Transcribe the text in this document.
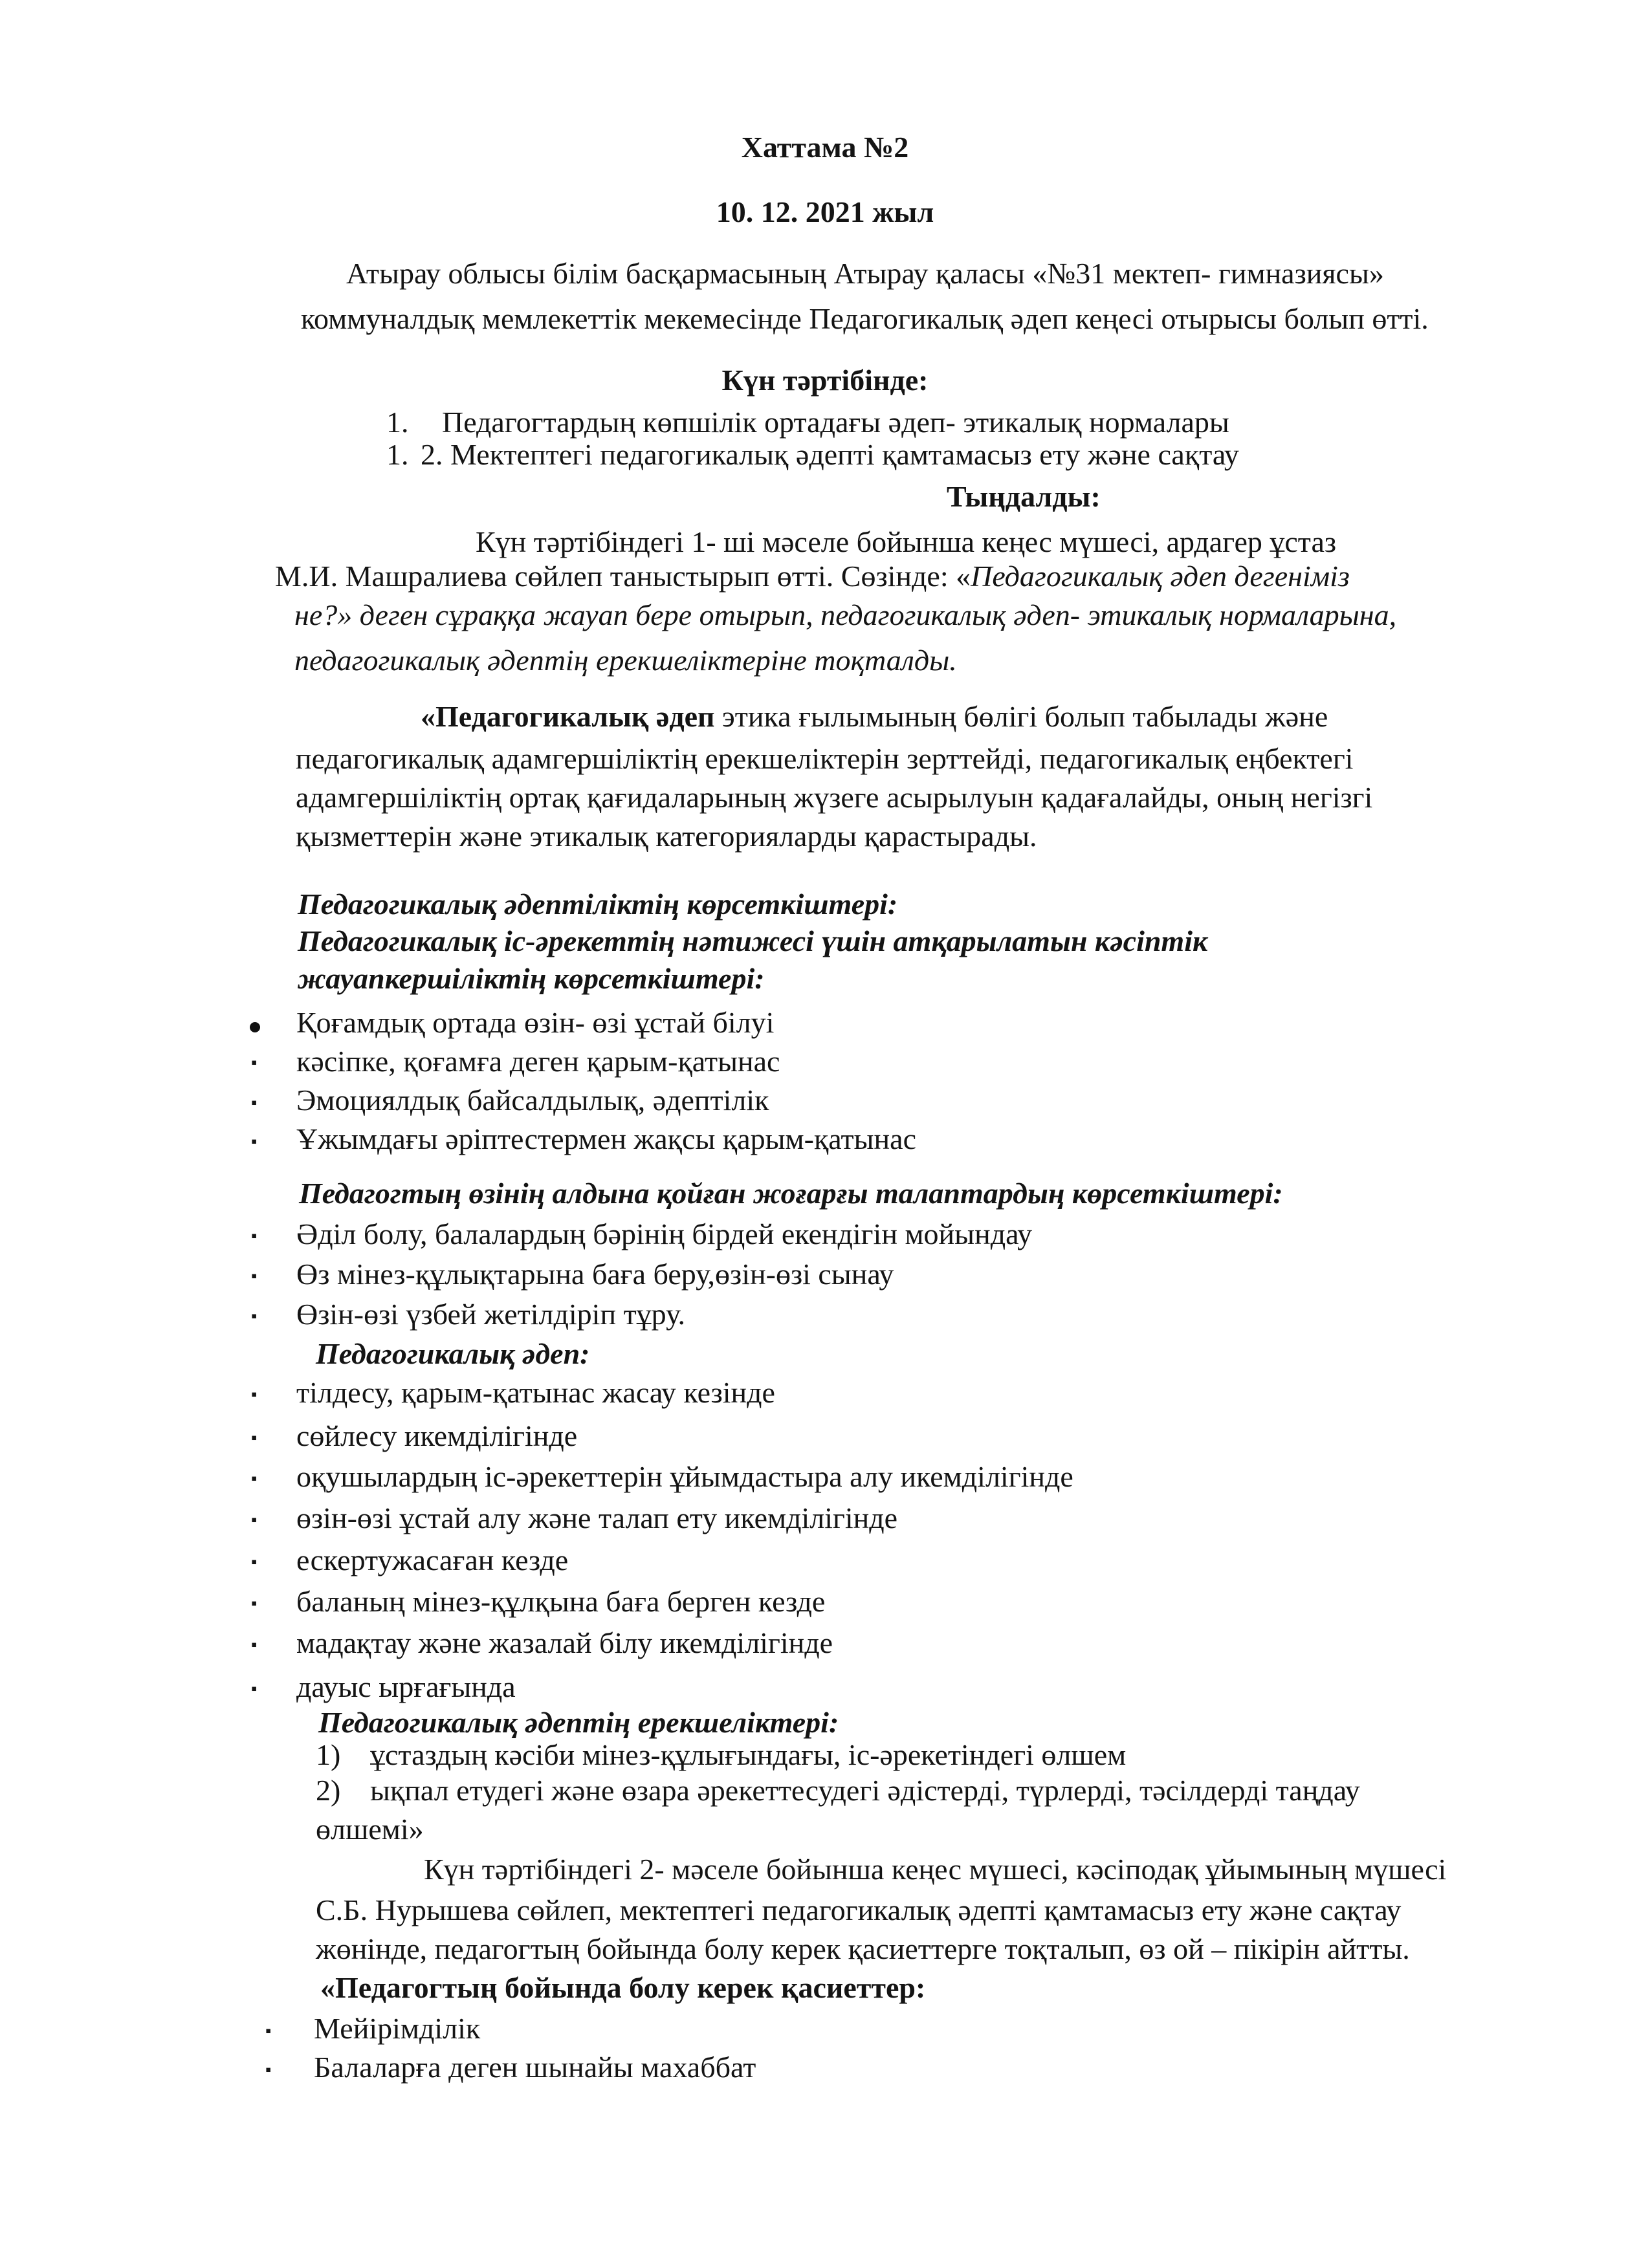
Хаттама №2
10. 12. 2021 жыл
Атырау облысы білім басқармасының Атырау қаласы «№31 мектеп- гимназиясы»
коммуналдық мемлекеттік мекемесінде Педагогикалық әдеп кеңесі отырысы болып өтті.
Күн тәртібінде:
1. Педагогтардың көпшілік ортадағы әдеп- этикалық нормалары
1. 2. Мектептегі педагогикалық әдепті қамтамасыз ету және сақтау
Тыңдалды:
Күн тәртібіндегі 1- ші мәселе бойынша кеңес мүшесі, ардагер ұстаз
М.И. Машралиева сөйлеп таныстырып өтті. Сөзінде: «Педагогикалық әдеп дегеніміз
не?» деген сұраққа жауап бере отырып, педагогикалық әдеп- этикалық нормаларына,
педагогикалық әдептің ерекшеліктеріне тоқталды.
«Педагогикалық әдеп этика ғылымының бөлігі болып табылады және
педагогикалық адамгершіліктің ерекшеліктерін зерттейді, педагогикалық еңбектегі
адамгершіліктің ортақ қағидаларының жүзеге асырылуын қадағалайды, оның негізгі
қызметтерін және этикалық категорияларды қарастырады.
Педагогикалық әдептіліктің көрсеткіштері:
Педагогикалық іс-әрекеттің нәтижесі үшін атқарылатын кәсіптік
жауапкершіліктің көрсеткіштері:
Қоғамдық ортада өзін- өзі ұстай білуі
▪ кәсіпке, қоғамға деген қарым-қатынас
▪ Эмоциялдық байсалдылық, әдептілік
▪ Ұжымдағы әріптестермен жақсы қарым-қатынас
Педагогтың өзінің алдына қойған жоғарғы талаптардың көрсеткіштері:
▪ Әділ болу, балалардың бәрінің бірдей екендігін мойындау
▪ Өз мінез-құлықтарына баға беру,өзін-өзі сынау
▪ Өзін-өзі үзбей жетілдіріп тұру.
Педагогикалық әдеп:
▪ тілдесу, қарым-қатынас жасау кезінде
▪ сөйлесу икемділігінде
▪ оқушылардың іс-әрекеттерін ұйымдастыра алу икемділігінде
▪ өзін-өзі ұстай алу және талап ету икемділігінде
▪ ескертужасаған кезде
▪ баланың мінез-құлқына баға берген кезде
▪ мадақтау және жазалай білу икемділігінде
▪ дауыс ырғағында
Педагогикалық әдептің ерекшеліктері:
1) ұстаздың кәсіби мінез-құлығындағы, іс-әрекетіндегі өлшем
2) ықпал етудегі және өзара әрекеттесудегі әдістерді, түрлерді, тәсілдерді таңдау
өлшемі»
Күн тәртібіндегі 2- мәселе бойынша кеңес мүшесі, кәсіподақ ұйымының мүшесі
С.Б. Нурышева сөйлеп, мектептегі педагогикалық әдепті қамтамасыз ету және сақтау
жөнінде, педагогтың бойында болу керек қасиеттерге тоқталып, өз ой – пікірін айтты.
«Педагогтың бойында болу керек қасиеттер:
▪ Мейірімділік
▪ Балаларға деген шынайы махаббат
